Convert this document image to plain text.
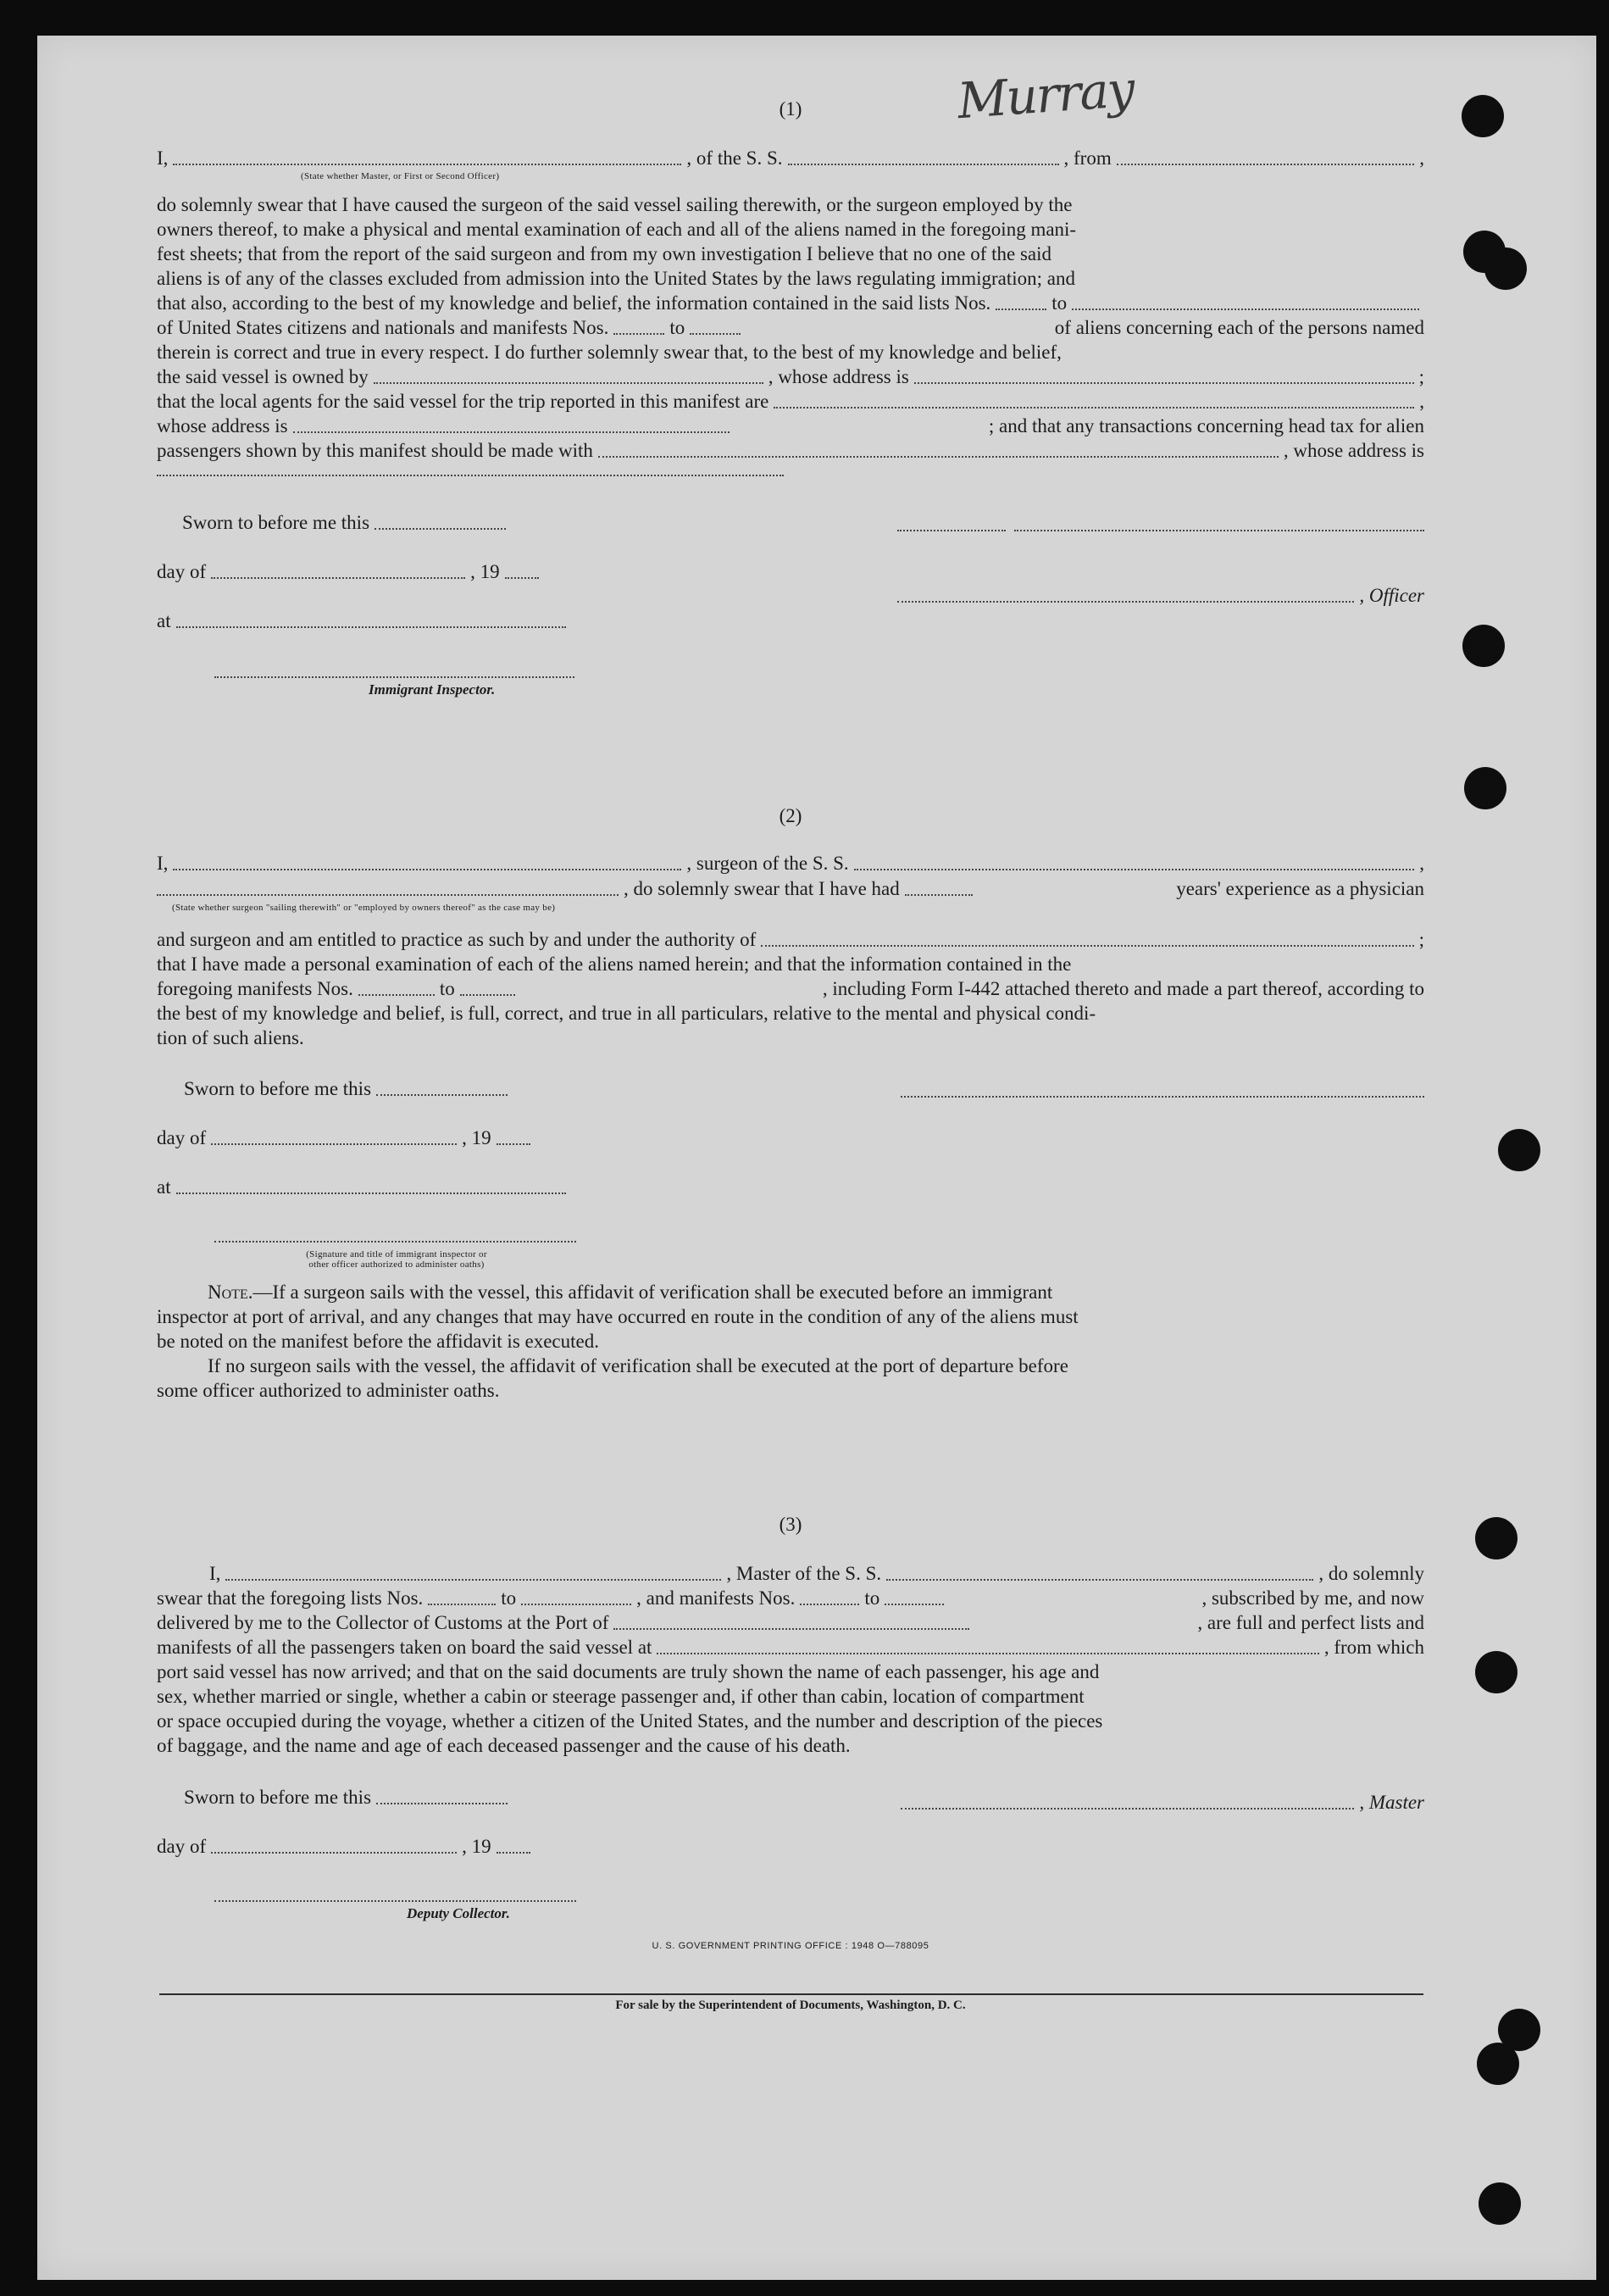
Murray
(1)
I,	, of the S. S.	, from	,
(State whether Master, or First or Second Officer)
do solemnly swear that I have caused the surgeon of the said vessel sailing therewith, or the surgeon employed by the
owners thereof, to make a physical and mental examination of each and all of the aliens named in the foregoing mani-
fest sheets; that from the report of the said surgeon and from my own investigation I believe that no one of the said
aliens is of any of the classes excluded from admission into the United States by the laws regulating immigration; and
that also, according to the best of my knowledge and belief, the information contained in the said lists Nos.	to
of United States citizens and nationals and manifests Nos.	to	of aliens concerning each of the persons named
therein is correct and true in every respect. I do further solemnly swear that, to the best of my knowledge and belief,
the said vessel is owned by	, whose address is	;
that the local agents for the said vessel for the trip reported in this manifest are	,
whose address is	; and that any transactions concerning head tax for alien
passengers shown by this manifest should be made with	, whose address is
Sworn to before me this
day of	, 19
at
Immigrant Inspector.
, Officer
(2)
I,	, surgeon of the S. S.	,
, do solemnly swear that I have had	years' experience as a physician
(State whether surgeon "sailing therewith" or "employed by owners thereof" as the case may be)
and surgeon and am entitled to practice as such by and under the authority of	;
that I have made a personal examination of each of the aliens named herein; and that the information contained in the
foregoing manifests Nos.	to	, including Form I-442 attached thereto and made a part thereof, according to
the best of my knowledge and belief, is full, correct, and true in all particulars, relative to the mental and physical condi-
tion of such aliens.
Sworn to before me this
day of	, 19
at
(Signature and title of immigrant inspector or
other officer authorized to administer oaths)
Note.—If a surgeon sails with the vessel, this affidavit of verification shall be executed before an immigrant
inspector at port of arrival, and any changes that may have occurred en route in the condition of any of the aliens must
be noted on the manifest before the affidavit is executed.
If no surgeon sails with the vessel, the affidavit of verification shall be executed at the port of departure before
some officer authorized to administer oaths.
(3)
I,	, Master of the S. S.	, do solemnly
swear that the foregoing lists Nos.	to	, and manifests Nos.	to	, subscribed by me, and now
delivered by me to the Collector of Customs at the Port of	, are full and perfect lists and
manifests of all the passengers taken on board the said vessel at	, from which
port said vessel has now arrived; and that on the said documents are truly shown the name of each passenger, his age and
sex, whether married or single, whether a cabin or steerage passenger and, if other than cabin, location of compartment
or space occupied during the voyage, whether a citizen of the United States, and the number and description of the pieces
of baggage, and the name and age of each deceased passenger and the cause of his death.
Sworn to before me this	, Master
day of	, 19
Deputy Collector.
U. S. GOVERNMENT PRINTING OFFICE : 1948 O—788095
For sale by the Superintendent of Documents, Washington, D. C.
